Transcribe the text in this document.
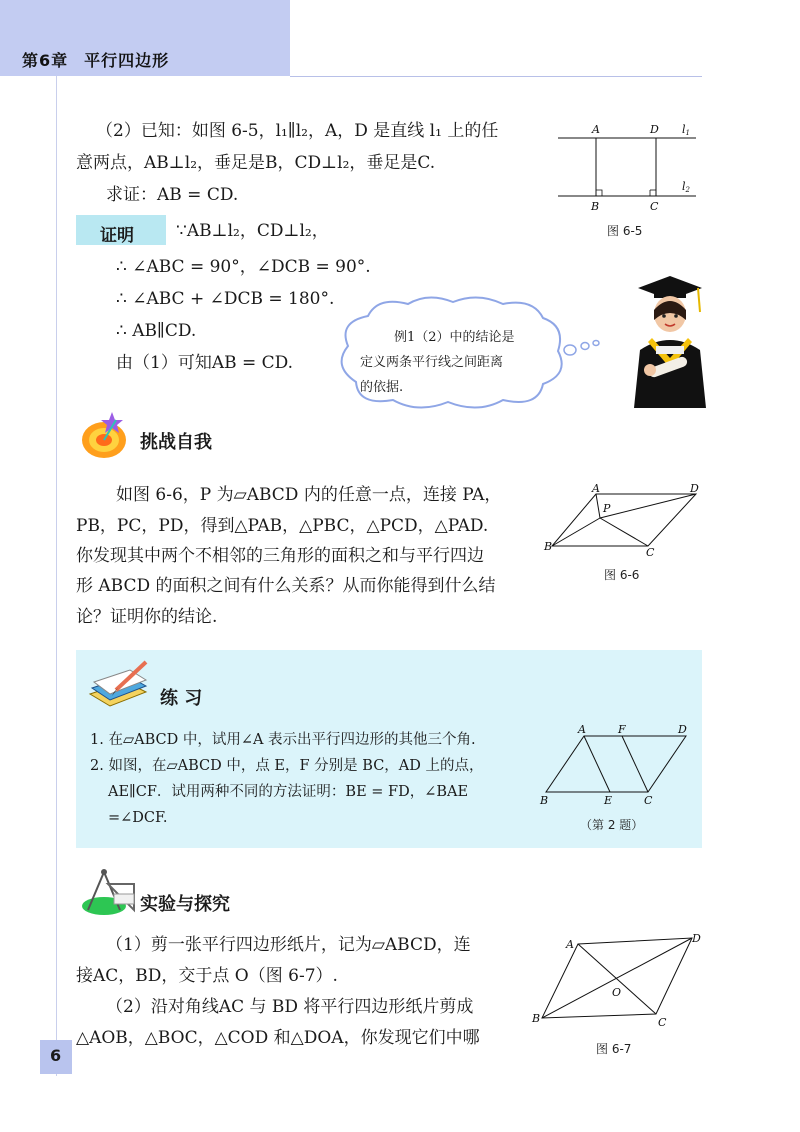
第6章 平行四边形
（2）已知：如图 6-5，l₁∥l₂，A，D 是直线 l₁ 上的任
意两点，AB⊥l₂，垂足是B，CD⊥l₂，垂足是C.
求证：AB = CD.
证明 ∵AB⊥l₂，CD⊥l₂，
∴ ∠ABC = 90°，∠DCB = 90°.
∴ ∠ABC + ∠DCB = 180°.
∴ AB∥CD.
由（1）可知AB = CD.
A	D l1
l2
B	C
图 6-5
例1（2）中的结论是
定义两条平行线之间距离
的依据.
挑战自我
如图 6-6，P 为▱ABCD 内的任意一点，连接 PA，
PB，PC，PD，得到△PAB，△PBC，△PCD，△PAD.
你发现其中两个不相邻的三角形的面积之和与平行四边
形 ABCD 的面积之间有什么关系？从而你能得到什么结
论？证明你的结论.
A	D
P
B	C
图 6-6
练 习
1. 在▱ABCD 中，试用∠A 表示出平行四边形的其他三个角.
2. 如图，在▱ABCD 中，点 E，F 分别是 BC，AD 上的点，
AE∥CF．试用两种不同的方法证明：BE = FD，∠BAE
=∠DCF.
A	F	D
B	E	C
（第 2 题）
实验与探究
（1）剪一张平行四边形纸片，记为▱ABCD，连
接AC，BD，交于点 O（图 6-7）.
（2）沿对角线AC 与 BD 将平行四边形纸片剪成
△AOB，△BOC，△COD 和△DOA，你发现它们中哪
A	D
O
B	C
图 6-7
6
